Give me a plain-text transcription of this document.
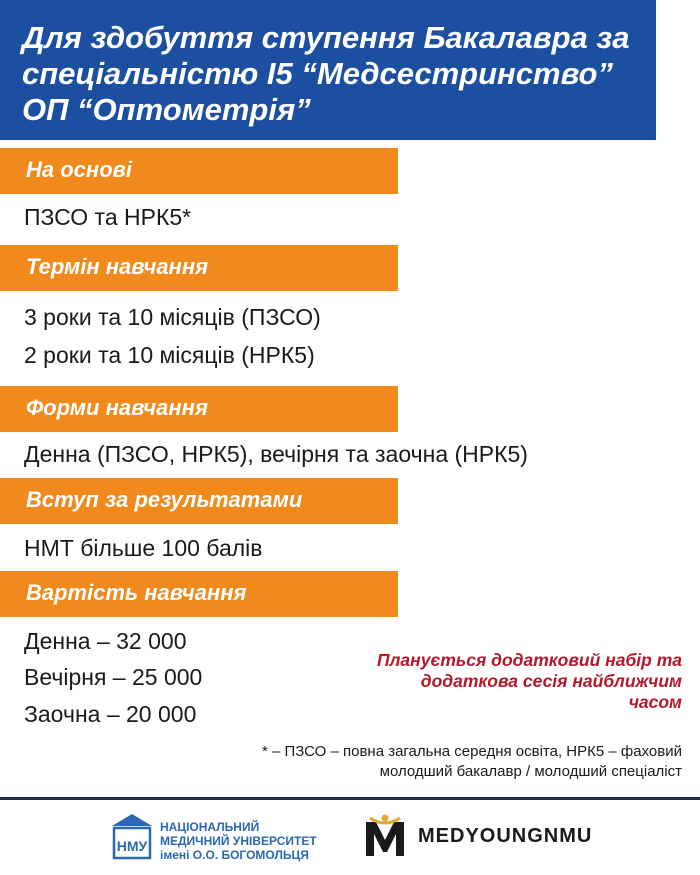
Для здобуття ступення Бакалавра за
спеціальністю І5 “Медсестринство”
ОП “Оптометрія”
На основі
ПЗСО та НРК5*
Термін навчання
3 роки та 10 місяців (ПЗСО)
2 роки та 10 місяців (НРК5)
Форми навчання
Денна (ПЗСО, НРК5), вечірня та заочна (НРК5)
Вступ за результатами
НМТ більше 100 балів
Вартість навчання
Денна – 32 000
Вечірня – 25 000
Заочна – 20 000
Планується додатковий набір та
додаткова сесія найближчим
часом
* – ПЗСО – повна загальна середня освіта, НРК5 – фаховий
молодший бакалавр / молодший спеціаліст
НМУ
НАЦІОНАЛЬНИЙ
МЕДИЧНИЙ УНІВЕРСИТЕТ
імені О.О. БОГОМОЛЬЦЯ
MEDYOUNGNMU
